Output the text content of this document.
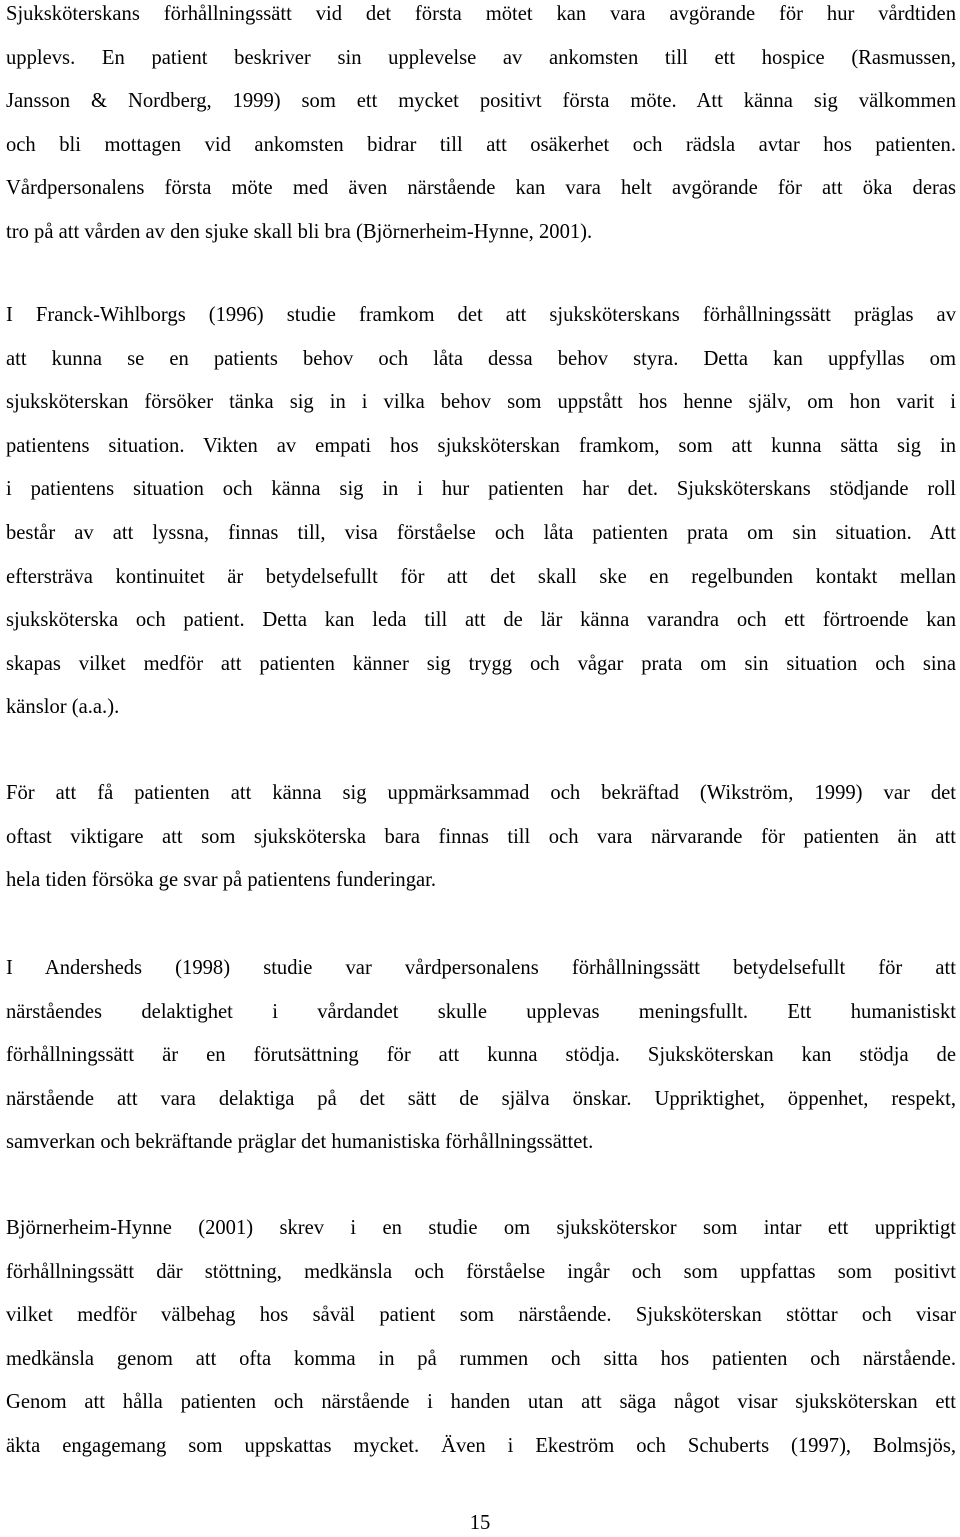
Sjuksköterskans förhållningssätt vid det första mötet kan vara avgörande för hur vårdtiden
upplevs. En patient beskriver sin upplevelse av ankomsten till ett hospice (Rasmussen,
Jansson & Nordberg, 1999) som ett mycket positivt första möte. Att känna sig välkommen
och bli mottagen vid ankomsten bidrar till att osäkerhet och rädsla avtar hos patienten.
Vårdpersonalens första möte med även närstående kan vara helt avgörande för att öka deras
tro på att vården av den sjuke skall bli bra (Björnerheim-Hynne, 2001).
I Franck-Wihlborgs (1996) studie framkom det att sjuksköterskans förhållningssätt präglas av
att kunna se en patients behov och låta dessa behov styra. Detta kan uppfyllas om
sjuksköterskan försöker tänka sig in i vilka behov som uppstått hos henne själv, om hon varit i
patientens situation. Vikten av empati hos sjuksköterskan framkom, som att kunna sätta sig in
i patientens situation och känna sig in i hur patienten har det. Sjuksköterskans stödjande roll
består av att lyssna, finnas till, visa förståelse och låta patienten prata om sin situation. Att
eftersträva kontinuitet är betydelsefullt för att det skall ske en regelbunden kontakt mellan
sjuksköterska och patient. Detta kan leda till att de lär känna varandra och ett förtroende kan
skapas vilket medför att patienten känner sig trygg och vågar prata om sin situation och sina
känslor (a.a.).
För att få patienten att känna sig uppmärksammad och bekräftad (Wikström, 1999) var det
oftast viktigare att som sjuksköterska bara finnas till och vara närvarande för patienten än att
hela tiden försöka ge svar på patientens funderingar.
I Andersheds (1998) studie var vårdpersonalens förhållningssätt betydelsefullt för att
närståendes delaktighet i vårdandet skulle upplevas meningsfullt. Ett humanistiskt
förhållningssätt är en förutsättning för att kunna stödja. Sjuksköterskan kan stödja de
närstående att vara delaktiga på det sätt de själva önskar. Uppriktighet, öppenhet, respekt,
samverkan och bekräftande präglar det humanistiska förhållningssättet.
Björnerheim-Hynne (2001) skrev i en studie om sjuksköterskor som intar ett uppriktigt
förhållningssätt där stöttning, medkänsla och förståelse ingår och som uppfattas som positivt
vilket medför välbehag hos såväl patient som närstående. Sjuksköterskan stöttar och visar
medkänsla genom att ofta komma in på rummen och sitta hos patienten och närstående.
Genom att hålla patienten och närstående i handen utan att säga något visar sjuksköterskan ett
äkta engagemang som uppskattas mycket. Även i Ekeström och Schuberts (1997), Bolmsjös,
15
